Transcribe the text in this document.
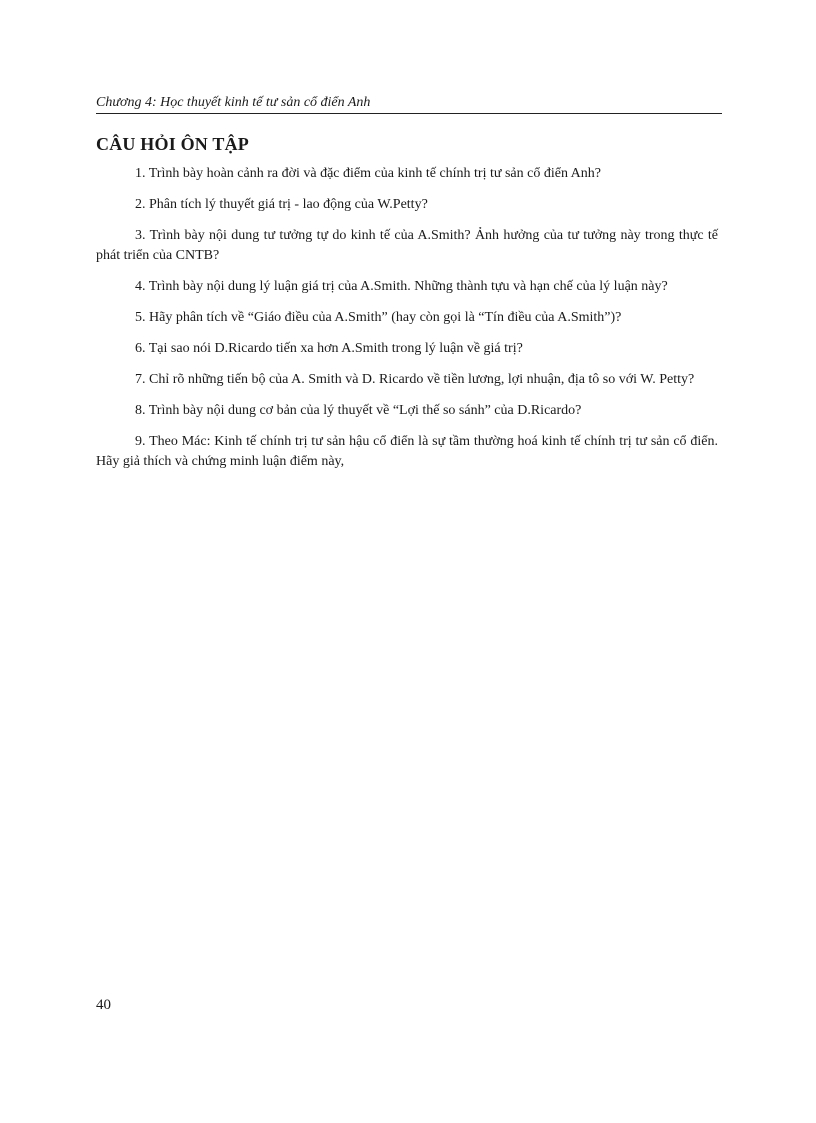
Chương 4: Học thuyết kinh tế tư sản cổ điển Anh
CÂU HỎI ÔN TẬP
1. Trình bày hoàn cảnh ra đời và đặc điểm của kinh tế chính trị tư sản cổ điển Anh?
2. Phân tích lý thuyết giá trị - lao động của W.Petty?
3. Trình bày nội dung tư tưởng tự do kinh tế của A.Smith? Ảnh hưởng của tư tưởng này trong thực tế phát triển của CNTB?
4. Trình bày nội dung lý luận giá trị của A.Smith. Những thành tựu và hạn chế của lý luận này?
5. Hãy phân tích về “Giáo điều của A.Smith” (hay còn gọi là “Tín điều của A.Smith”)?
6. Tại sao nói D.Ricardo tiến xa hơn A.Smith trong lý luận về giá trị?
7. Chỉ rõ những tiến bộ của A. Smith và D. Ricardo về tiền lương, lợi nhuận, địa tô so với W. Petty?
8. Trình bày nội dung cơ bản của lý thuyết về “Lợi thế so sánh” của D.Ricardo?
9. Theo Mác: Kinh tế chính trị tư sản hậu cổ điển là sự tầm thường hoá kinh tế chính trị tư sản cổ điển. Hãy giả thích và chứng minh luận điểm này,
40
